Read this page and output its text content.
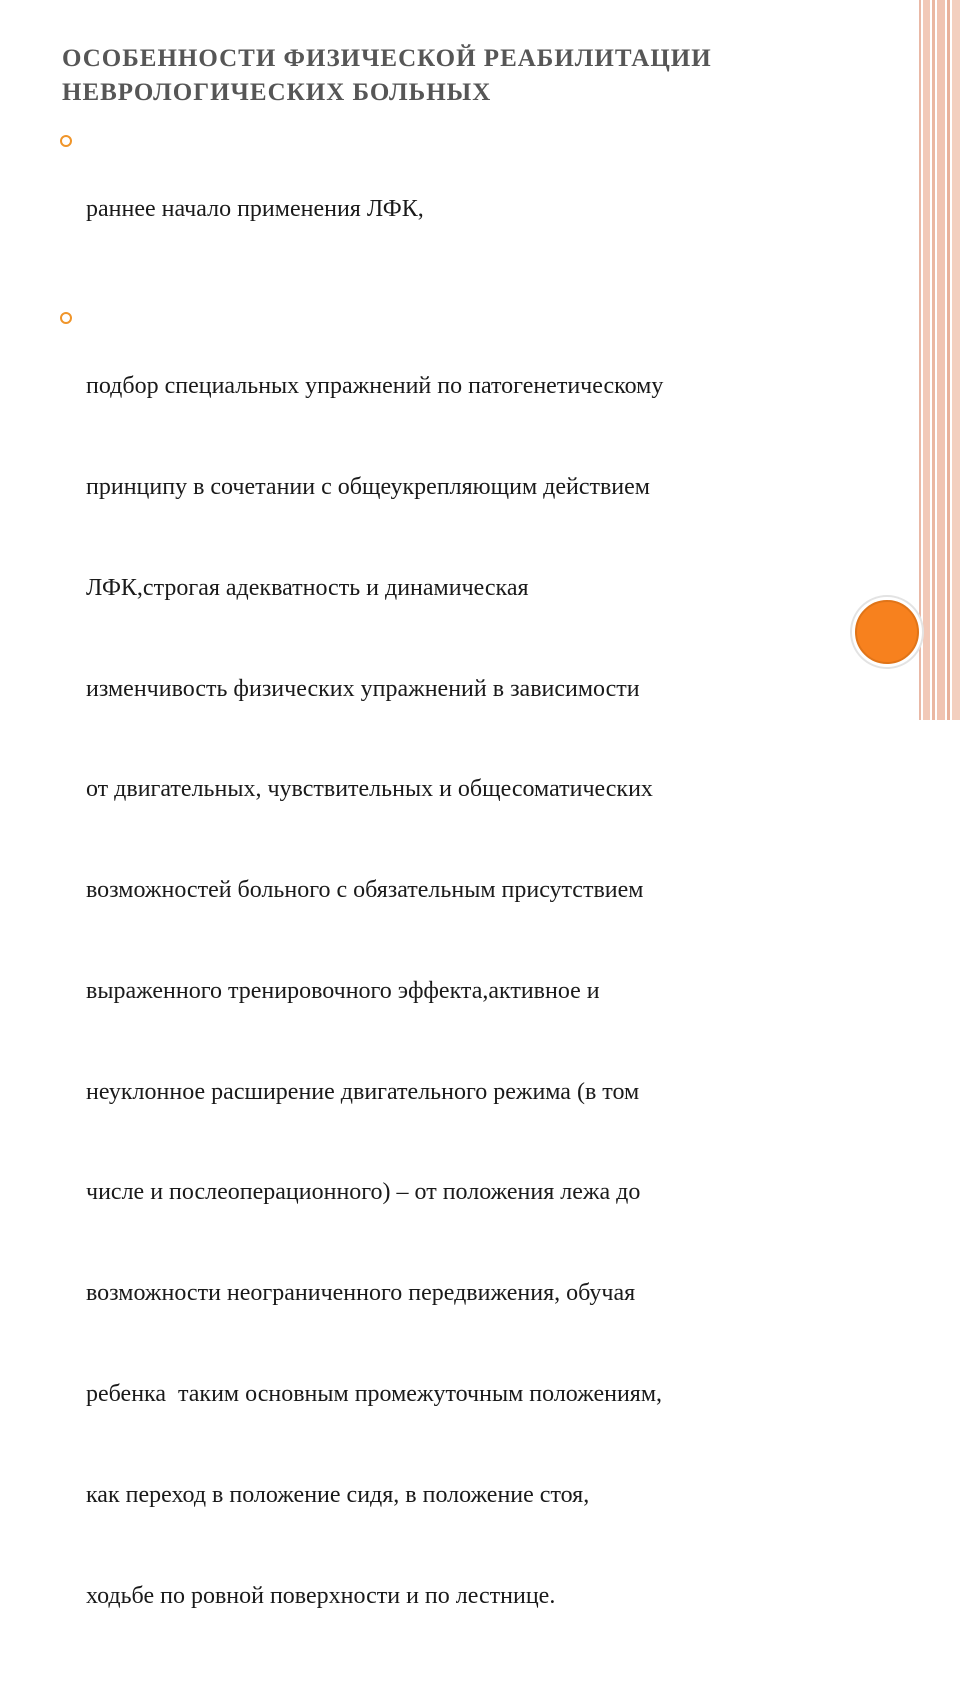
ОСОБЕННОСТИ ФИЗИЧЕСКОЙ РЕАБИЛИТАЦИИ
НЕВРОЛОГИЧЕСКИХ БОЛЬНЫХ

раннее начало применения ЛФК,

подбор специальных упражнений по патогенетическому

принципу в сочетании с общеукрепляющим действием

ЛФК,строгая адекватность и динамическая

изменчивость физических упражнений в зависимости

от двигательных, чувствительных и общесоматических

возможностей больного с обязательным присутствием

выраженного тренировочного эффекта,активное и

неуклонное расширение двигательного режима (в том

числе и послеоперационного) – от положения лежа до

возможности неограниченного передвижения, обучая

ребенка  таким основным промежуточным положениям,

как переход в положение сидя, в положение стоя,

ходьбе по ровной поверхности и по лестнице.
